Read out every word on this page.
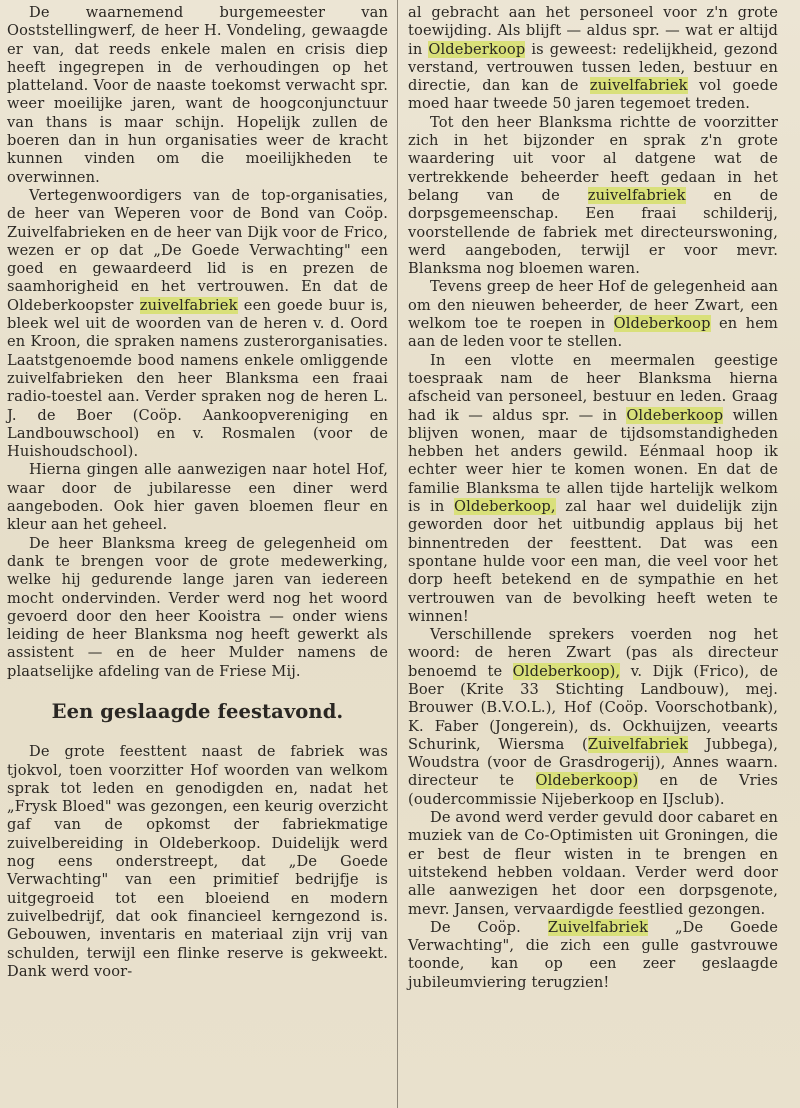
De waarnemend burgemeester van Ooststellingwerf, de heer H. Vondeling, gewaagde er van, dat reeds enkele malen en crisis diep heeft ingegrepen in de verhoudingen op het platteland. Voor de naaste toekomst verwacht spr. weer moeilijke jaren, want de hoogconjunctuur van thans is maar schijn. Hopelijk zullen de boeren dan in hun organisaties weer de kracht kunnen vinden om die moeilijkheden te overwinnen.

Vertegenwoordigers van de top-organisaties, de heer van Weperen voor de Bond van Coöp. Zuivelfabrieken en de heer van Dijk voor de Frico, wezen er op dat „De Goede Verwachting" een goed en gewaardeerd lid is en prezen de saamhorigheid en het vertrouwen. En dat de Oldeberkoopster zuivelfabriek een goede buur is, bleek wel uit de woorden van de heren v. d. Oord en Kroon, die spraken namens zusterorganisaties. Laatstgenoemde bood namens enkele omliggende zuivelfabrieken den heer Blanksma een fraai radio-toestel aan. Verder spraken nog de heren L. J. de Boer (Coöp. Aankoopvereniging en Landbouwschool) en v. Rosmalen (voor de Huishoudschool).

Hierna gingen alle aanwezigen naar hotel Hof, waar door de jubilaresse een diner werd aangeboden. Ook hier gaven bloemen fleur en kleur aan het geheel.

De heer Blanksma kreeg de gelegenheid om dank te brengen voor de grote medewerking, welke hij gedurende lange jaren van iedereen mocht ondervinden. Verder werd nog het woord gevoerd door den heer Kooistra — onder wiens leiding de heer Blanksma nog heeft gewerkt als assistent — en de heer Mulder namens de plaatselijke afdeling van de Friese Mij.

Een geslaagde feestavond.

De grote feesttent naast de fabriek was tjokvol, toen voorzitter Hof woorden van welkom sprak tot leden en genodigden en, nadat het „Frysk Bloed" was gezongen, een keurig overzicht gaf van de opkomst der fabriekmatige zuivelbereiding in Oldeberkoop. Duidelijk werd nog eens onderstreept, dat „De Goede Verwachting" van een primitief bedrijfje is uitgegroeid tot een bloeiend en modern zuivelbedrijf, dat ook financieel kerngezond is. Gebouwen, inventaris en materiaal zijn vrij van schulden, terwijl een flinke reserve is gekweekt. Dank werd voor-

al gebracht aan het personeel voor z'n grote toewijding. Als blijft — aldus spr. — wat er altijd in Oldeberkoop is geweest: redelijkheid, gezond verstand, vertrouwen tussen leden, bestuur en directie, dan kan de zuivelfabriek vol goede moed haar tweede 50 jaren tegemoet treden.

Tot den heer Blanksma richtte de voorzitter zich in het bijzonder en sprak z'n grote waardering uit voor al datgene wat de vertrekkende beheerder heeft gedaan in het belang van de zuivelfabriek en de dorpsgemeenschap. Een fraai schilderij, voorstellende de fabriek met directeurswoning, werd aangeboden, terwijl er voor mevr. Blanksma nog bloemen waren.

Tevens greep de heer Hof de gelegenheid aan om den nieuwen beheerder, de heer Zwart, een welkom toe te roepen in Oldeberkoop en hem aan de leden voor te stellen.

In een vlotte en meermalen geestige toespraak nam de heer Blanksma hierna afscheid van personeel, bestuur en leden. Graag had ik — aldus spr. — in Oldeberkoop willen blijven wonen, maar de tijdsomstandigheden hebben het anders gewild. Eénmaal hoop ik echter weer hier te komen wonen. En dat de familie Blanksma te allen tijde hartelijk welkom is in Oldeberkoop, zal haar wel duidelijk zijn geworden door het uitbundig applaus bij het binnentreden der feesttent. Dat was een spontane hulde voor een man, die veel voor het dorp heeft betekend en de sympathie en het vertrouwen van de bevolking heeft weten te winnen!

Verschillende sprekers voerden nog het woord: de heren Zwart (pas als directeur benoemd te Oldeberkoop), v. Dijk (Frico), de Boer (Krite 33 Stichting Landbouw), mej. Brouwer (B.V.O.L.), Hof (Coöp. Voorschotbank), K. Faber (Jongerein), ds. Ockhuijzen, veearts Schurink, Wiersma (Zuivelfabriek Jubbega), Woudstra (voor de Grasdrogerij), Annes waarn. directeur te Oldeberkoop) en de Vries (oudercommissie Nijeberkoop en IJsclub).

De avond werd verder gevuld door cabaret en muziek van de Co-Optimisten uit Groningen, die er best de fleur wisten in te brengen en uitstekend hebben voldaan. Verder werd door alle aanwezigen het door een dorpsgenote, mevr. Jansen, vervaardigde feestlied gezongen.

De Coöp. Zuivelfabriek „De Goede Verwachting", die zich een gulle gastvrouwe toonde, kan op een zeer geslaagde jubileumviering terugzien!
